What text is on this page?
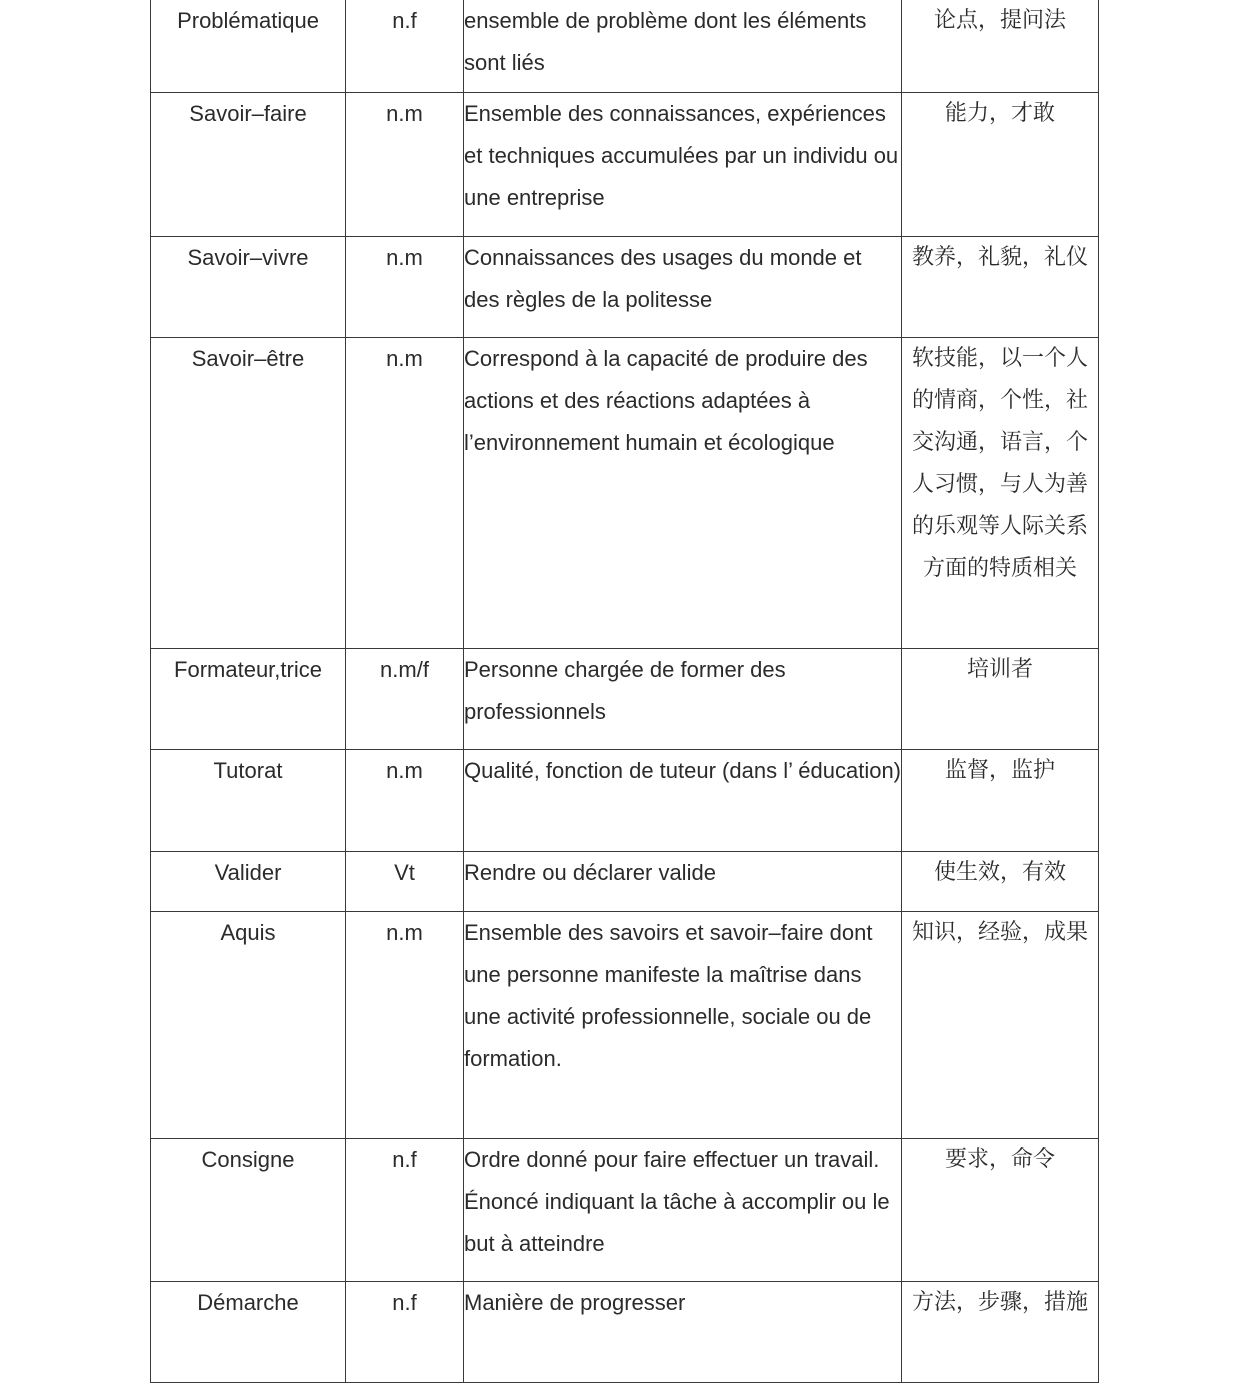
Problématique	n.f	ensemble de problème dont les éléments sont liés	论点，提问法

Savoir–faire	n.m	Ensemble des connaissances, expériences et techniques accumulées par un individu ou une entreprise	能力，才敢

Savoir–vivre	n.m	Connaissances des usages du monde et des règles de la politesse	教养，礼貌，礼仪

Savoir–être	n.m	Correspond à la capacité de produire des actions et des réactions adaptées à l’environnement humain et écologique	软技能，以一个人的情商，个性，社交沟通，语言，个人习惯，与人为善的乐观等人际关系方面的特质相关

Formateur,trice	n.m/f	Personne chargée de former des professionnels	培训者

Tutorat	n.m	Qualité, fonction de tuteur (dans l’ éducation)	监督，监护

Valider	Vt	Rendre ou déclarer valide	使生效，有效

Aquis	n.m	Ensemble des savoirs et savoir–faire dont une personne manifeste la maîtrise dans une activité professionnelle, sociale ou de formation.	知识，经验，成果

Consigne	n.f	Ordre donné pour faire effectuer un travail. Énoncé indiquant la tâche à accomplir ou le but à atteindre	要求，命令

Démarche	n.f	Manière de progresser	方法，步骤，措施
